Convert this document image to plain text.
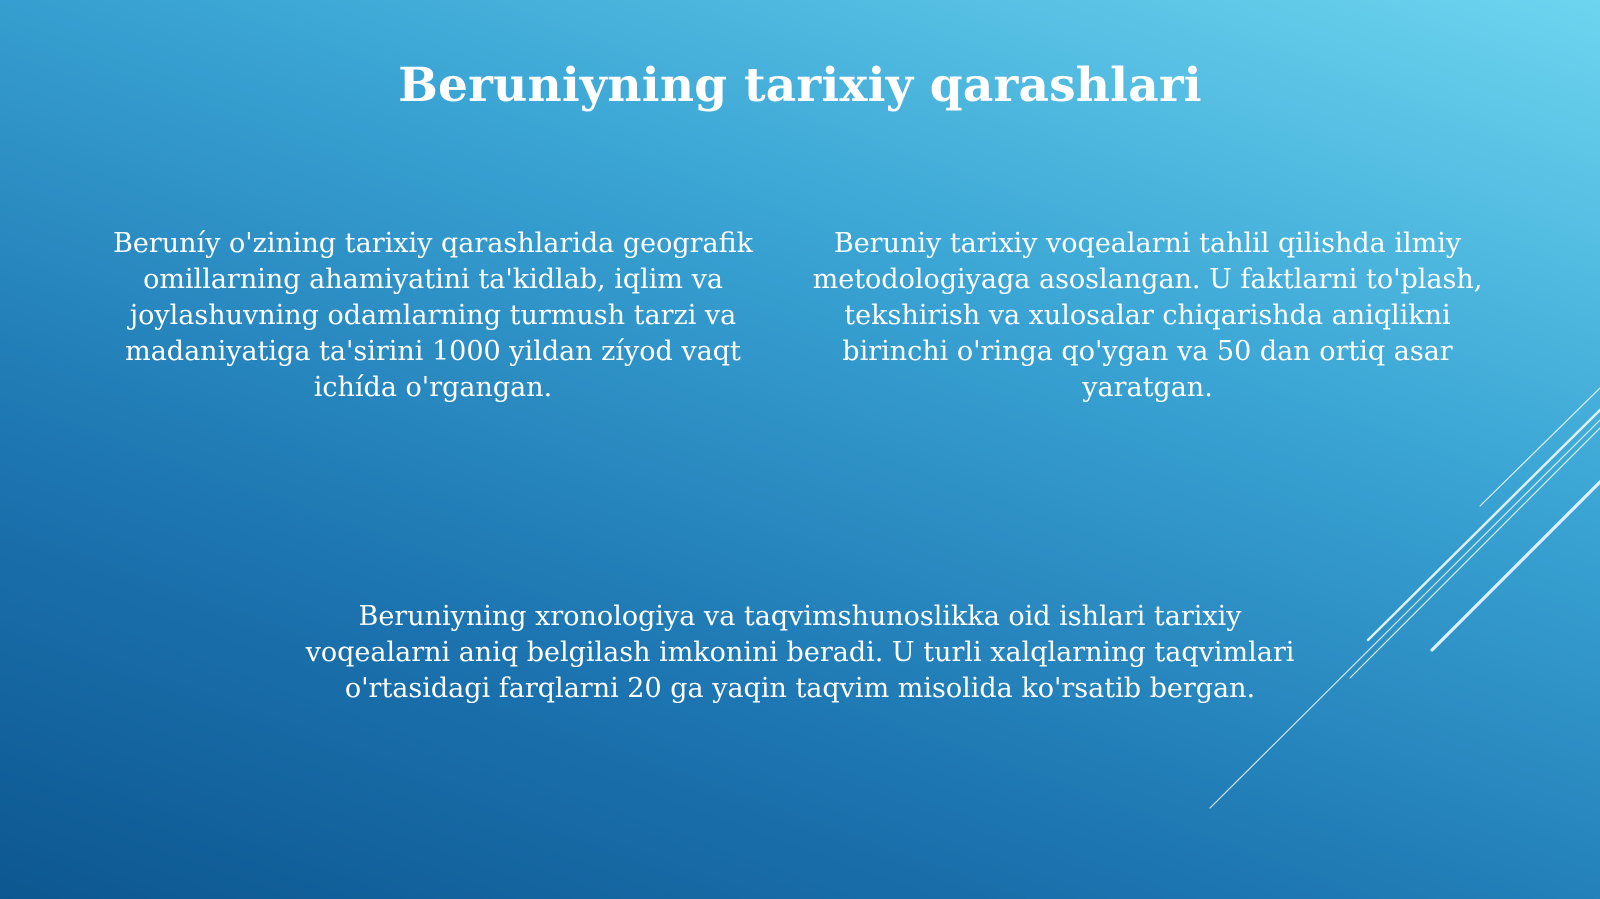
Beruniyning tarixiy qarashlari

Beruníy o'zining tarixiy qarashlarida geografik omillarning ahamiyatini ta'kidlab, iqlim va joylashuvning odamlarning turmush tarzi va madaniyatiga ta'sirini 1000 yildan zíyod vaqt ichída o'rgangan.

Beruniy tarixiy voqealarni tahlil qilishda ilmiy metodologiyaga asoslangan. U faktlarni to'plash, tekshirish va xulosalar chiqarishda aniqlikni birinchi o'ringa qo'ygan va 50 dan ortiq asar yaratgan.

Beruniyning xronologiya va taqvimshunoslikka oid ishlari tarixiy voqealarni aniq belgilash imkonini beradi. U turli xalqlarning taqvimlari o'rtasidagi farqlarni 20 ga yaqin taqvim misolida ko'rsatib bergan.
